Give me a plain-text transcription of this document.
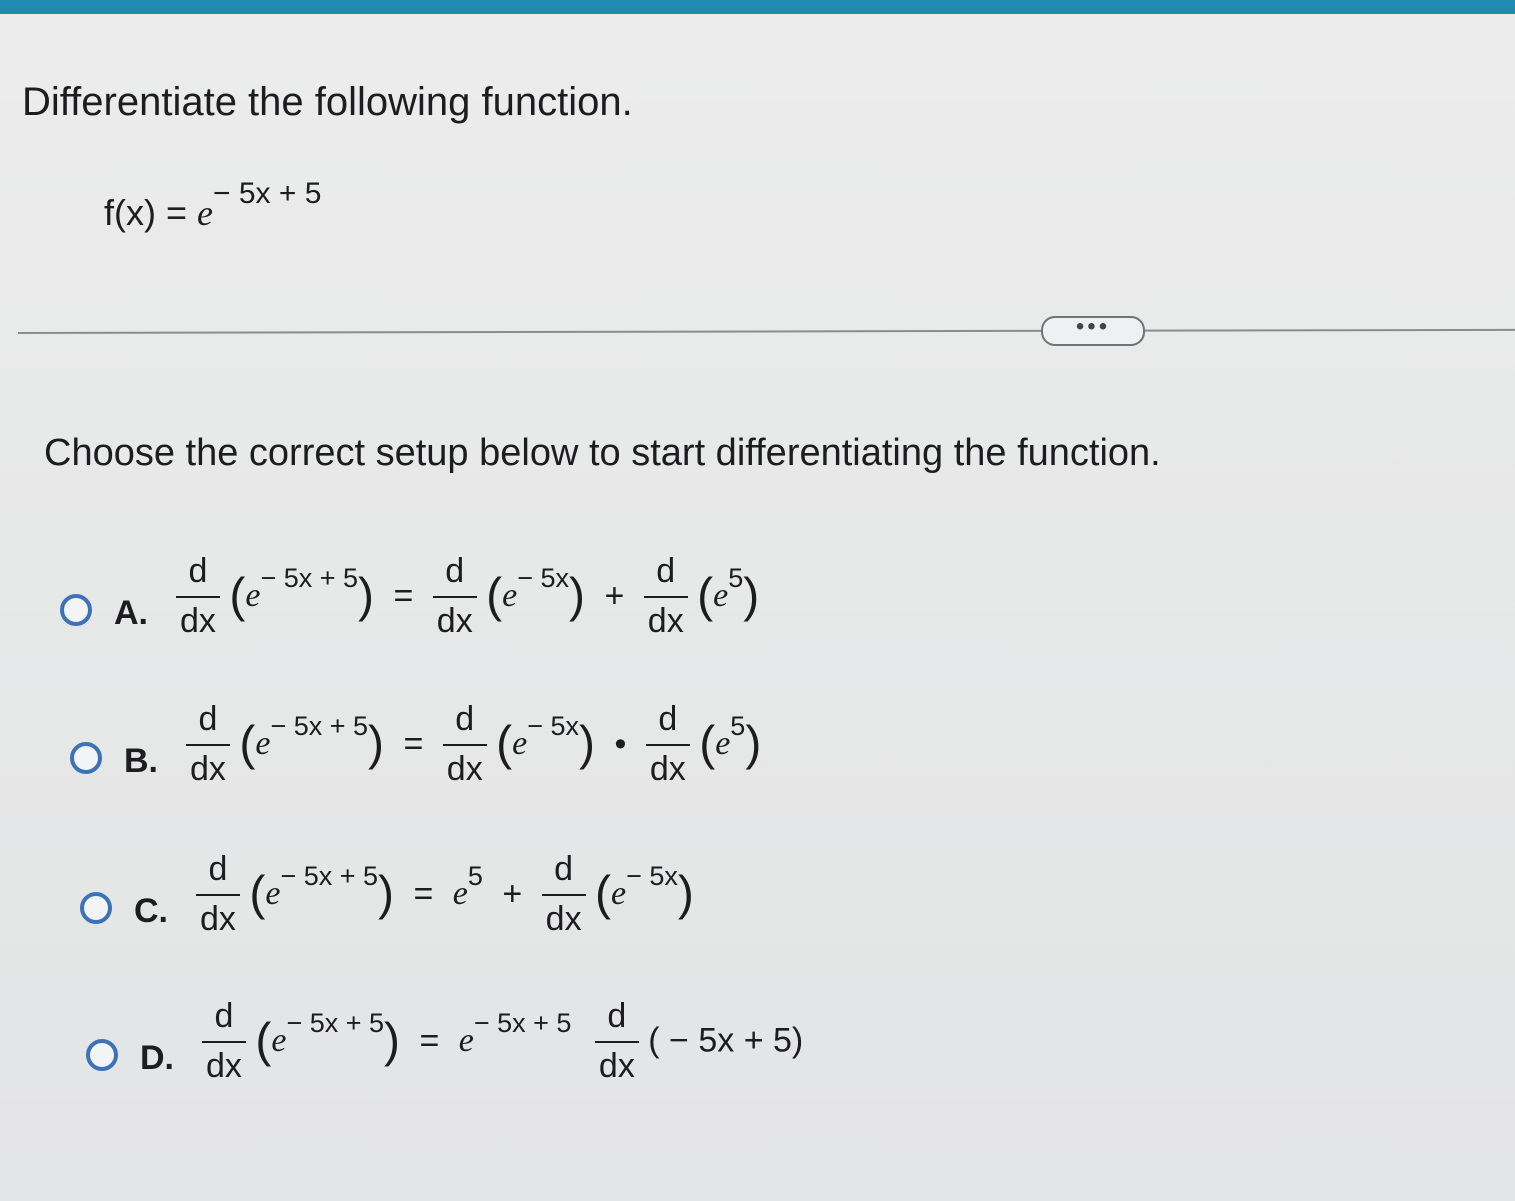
Differentiate the following function.
$f(x) = e^{- 5x + 5}$
•••
Choose the correct setup below to start differentiating the function.
A. $\frac{d}{dx} (e^{- 5x + 5}) = \frac{d}{dx} (e^{- 5x}) + \frac{d}{dx} (e^5)$
B. $\frac{d}{dx} (e^{- 5x + 5}) = \frac{d}{dx} (e^{- 5x})$ • $\frac{d}{dx} (e^5)$
C. $\frac{d}{dx} (e^{- 5x + 5}) = e^5 + \frac{d}{dx} (e^{- 5x})$
D. $\frac{d}{dx} (e^{- 5x + 5}) = e^{- 5x + 5} \frac{d}{dx}$ ( − 5x + 5)
